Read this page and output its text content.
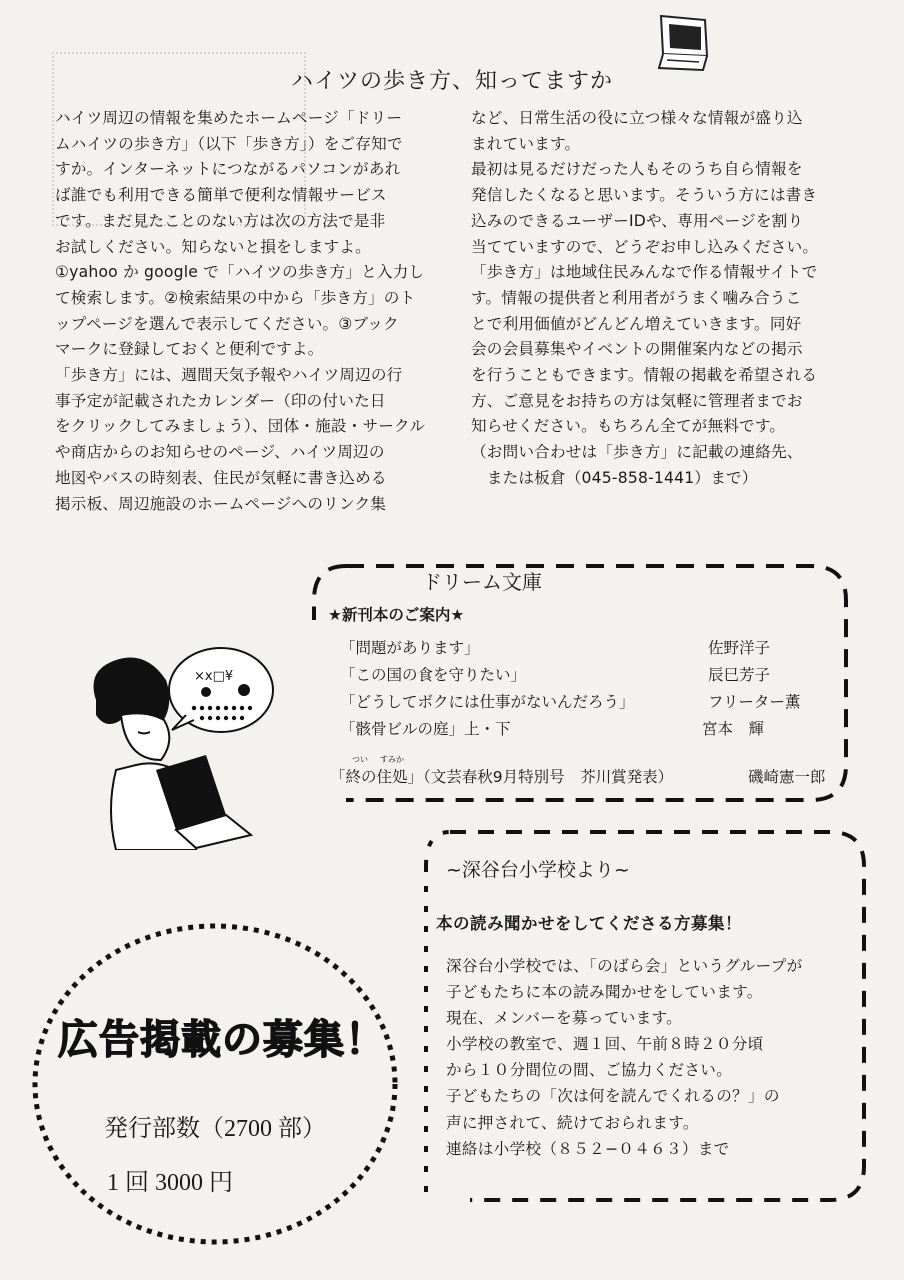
ハイツの歩き方、知ってますか

ハイツ周辺の情報を集めたホームページ「ドリー

ムハイツの歩き方」（以下「歩き方」）をご存知で

すか。インターネットにつながるパソコンがあれ

ば誰でも利用できる簡単で便利な情報サービス

です。まだ見たことのない方は次の方法で是非

お試しください。知らないと損をしますよ。

①yahoo か google で「ハイツの歩き方」と入力し

て検索します。②検索結果の中から「歩き方」のト

ップページを選んで表示してください。③ブック

マークに登録しておくと便利ですよ。

「歩き方」には、週間天気予報やハイツ周辺の行

事予定が記載されたカレンダー（印の付いた日

をクリックしてみましょう）、団体・施設・サークル

や商店からのお知らせのページ、ハイツ周辺の

地図やバスの時刻表、住民が気軽に書き込める

掲示板、周辺施設のホームページへのリンク集

など、日常生活の役に立つ様々な情報が盛り込

まれています。

最初は見るだけだった人もそのうち自ら情報を

発信したくなると思います。そういう方には書き

込みのできるユーザーIDや、専用ページを割り

当てていますので、どうぞお申し込みください。

「歩き方」は地域住民みんなで作る情報サイトで

す。情報の提供者と利用者がうまく噛み合うこ

とで利用価値がどんどん増えていきます。同好

会の会員募集やイベントの開催案内などの掲示

を行うこともできます。情報の掲載を希望される

方、ご意見をお持ちの方は気軽に管理者までお

知らせください。もちろん全てが無料です。

（お問い合わせは「歩き方」に記載の連絡先、

　または板倉（045-858-1441）まで）

ドリーム文庫
★新刊本のご案内★
「問題があります」	佐野洋子
「この国の食を守りたい」	辰巳芳子
「どうしてボクには仕事がないんだろう」	フリーター薫
「骸骨ビルの庭」上・下	宮本　輝
つい すみか
「終の住処」（文芸春秋9月特別号　芥川賞発表）	磯崎憲一郎
×x□¥
~深谷台小学校より~
本の読み聞かせをしてくださる方募集！

深谷台小学校では、「のばら会」というグループが

子どもたちに本の読み聞かせをしています。

現在、メンバーを募っています。

小学校の教室で、週１回、午前８時２０分頃

から１０分間位の間、ご協力ください。

子どもたちの「次は何を読んでくれるの？」の

声に押されて、続けておられます。

連絡は小学校（８５２−０４６３）まで

広告掲載の募集！
発行部数（2700 部）
1 回 3000 円
